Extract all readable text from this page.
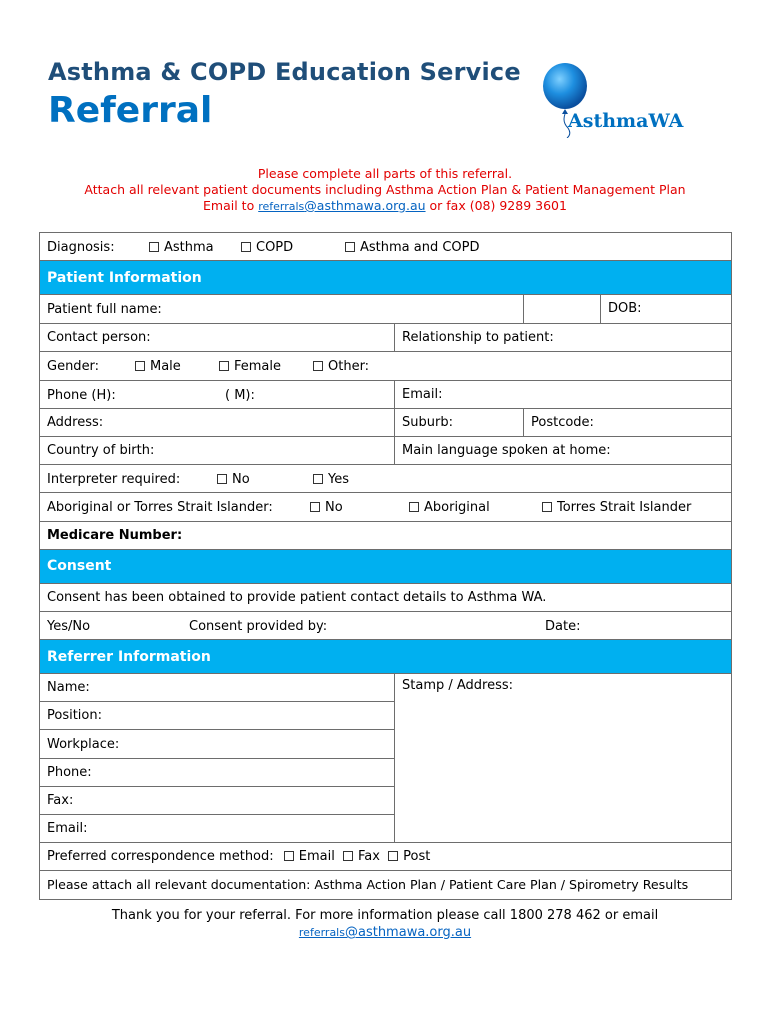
Asthma & COPD Education Service
Referral	AsthmaWA
Please complete all parts of this referral.
Attach all relevant patient documents including Asthma Action Plan & Patient Management Plan
Email to referrals@asthmawa.org.au or fax (08) 9289 3601
Diagnosis: Asthma COPD Asthma and COPD		

Patient Information		
Patient full name:		DOB:

Contact person:	Relationship to patient:	

Gender: Male Female Other:		

Phone (H): ( M):	Email:	
Address:	Suburb:	Postcode:
Country of birth:	Main language spoken at home:	

Interpreter required: No Yes		

Aboriginal or Torres Strait Islander: No Aboriginal Torres Strait Islander		

Medicare Number:		
Consent		
Consent has been obtained to provide patient contact details to Asthma WA.		

Yes/No Consent provided by: Date:		

Referrer Information		
Name:	Stamp / Address:	
Position:		
Workplace:		
Phone:		
Fax:		
Email:		
Preferred correspondence method: Email Fax Post		
Please attach all relevant documentation: Asthma Action Plan / Patient Care Plan / Spirometry Results		
Thank you for your referral. For more information please call 1800 278 462 or email
referrals@asthmawa.org.au
